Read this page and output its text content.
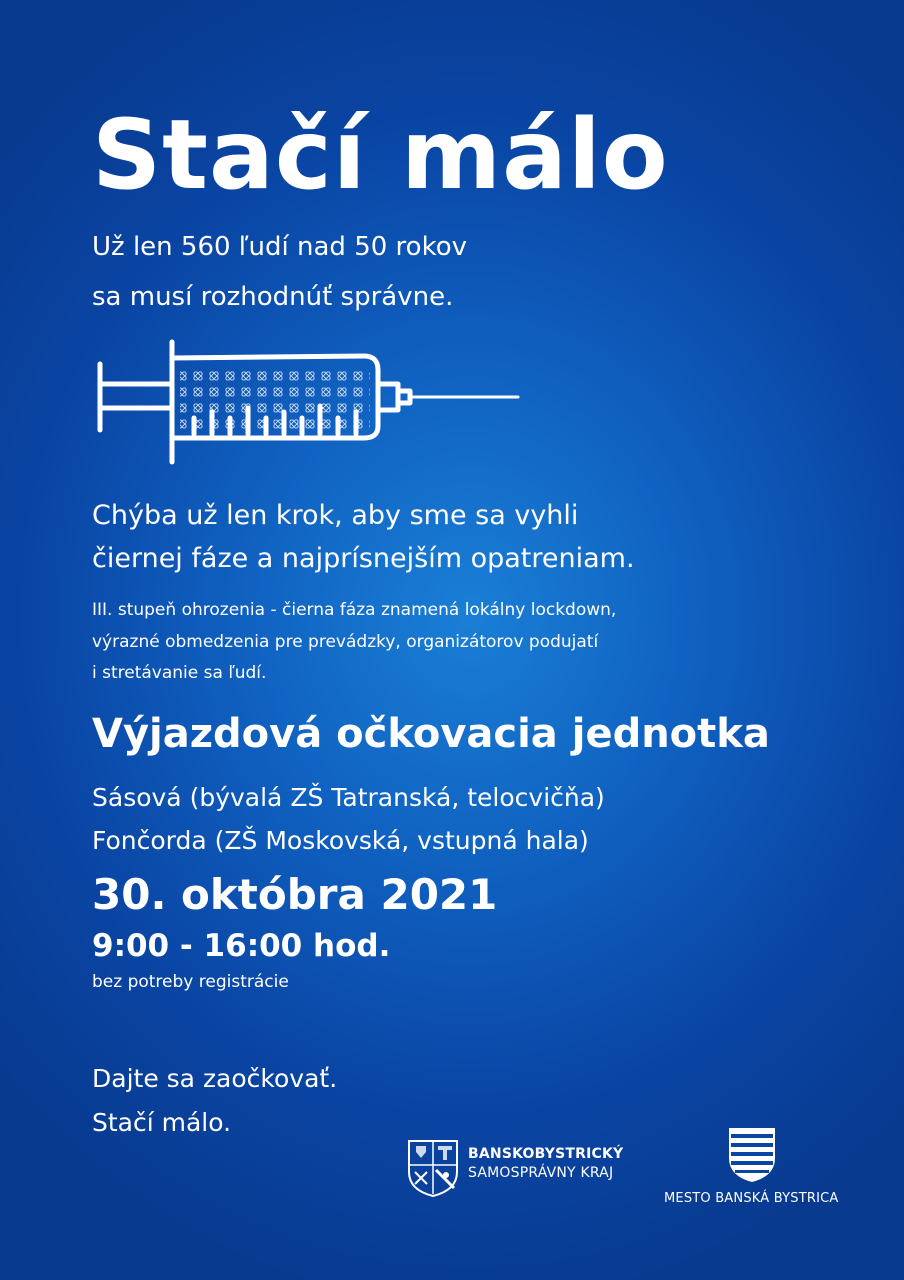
Stačí málo
Už len 560 ľudí nad 50 rokov
sa musí rozhodnúť správne.
Chýba už len krok, aby sme sa vyhli
čiernej fáze a najprísnejším opatreniam.
III. stupeň ohrozenia - čierna fáza znamená lokálny lockdown,
výrazné obmedzenia pre prevádzky, organizátorov podujatí
i stretávanie sa ľudí.
Výjazdová očkovacia jednotka
Sásová (bývalá ZŠ Tatranská, telocvičňa)
Fončorda (ZŠ Moskovská, vstupná hala)
30. októbra 2021
9:00 - 16:00 hod.
bez potreby registrácie
Dajte sa zaočkovať.
Stačí málo.
BANSKOBYSTRICKÝ
SAMOSPRÁVNY KRAJ
MESTO BANSKÁ BYSTRICA
